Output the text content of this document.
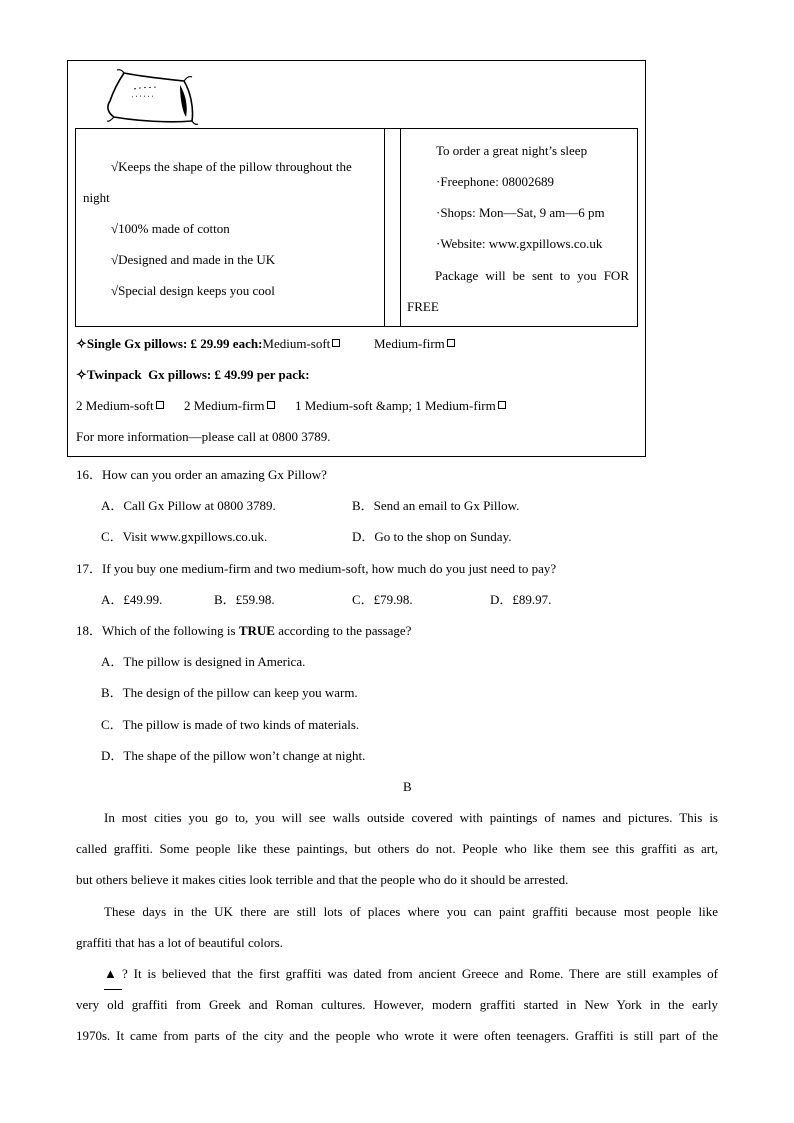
√Keeps the shape of the pillow throughout the
night
√100% made of cotton
√Designed and made in the UK
√Special design keeps you cool
To order a great night’s sleep
·Freephone: 08002689
·Shops: Mon—Sat, 9 am—6 pm
·Website: www.gxpillows.co.uk
Package will be sent to you FOR
FREE
✧Single Gx pillows: £ 29.99 each:Medium-soft	Medium-firm
✧Twinpack Gx pillows: £ 49.99 per pack:
2 Medium-soft	2 Medium-firm	1 Medium-soft &amp; 1 Medium-firm
For more information—please call at 0800 3789.
16．How can you order an amazing Gx Pillow?
A．Call Gx Pillow at 0800 3789.	B．Send an email to Gx Pillow.
C．Visit www.gxpillows.co.uk.	D．Go to the shop on Sunday.
17．If you buy one medium-firm and two medium-soft, how much do you just need to pay?
A．£49.99.	B．£59.98.	C．£79.98.	D．£89.97.
18．Which of the following is TRUE according to the passage?
A．The pillow is designed in America.
B．The design of the pillow can keep you warm.
C．The pillow is made of two kinds of materials.
D．The shape of the pillow won’t change at night.
B
In most cities you go to, you will see walls outside covered with paintings of names and pictures. This is
called graffiti. Some people like these paintings, but others do not. People who like them see this graffiti as art,
but others believe it makes cities look terrible and that the people who do it should be arrested.
These days in the UK there are still lots of places where you can paint graffiti because most people like
graffiti that has a lot of beautiful colors.
▲ ? It is believed that the first graffiti was dated from ancient Greece and Rome. There are still examples of
very old graffiti from Greek and Roman cultures. However, modern graffiti started in New York in the early
1970s. It came from parts of the city and the people who wrote it were often teenagers. Graffiti is still part of the
